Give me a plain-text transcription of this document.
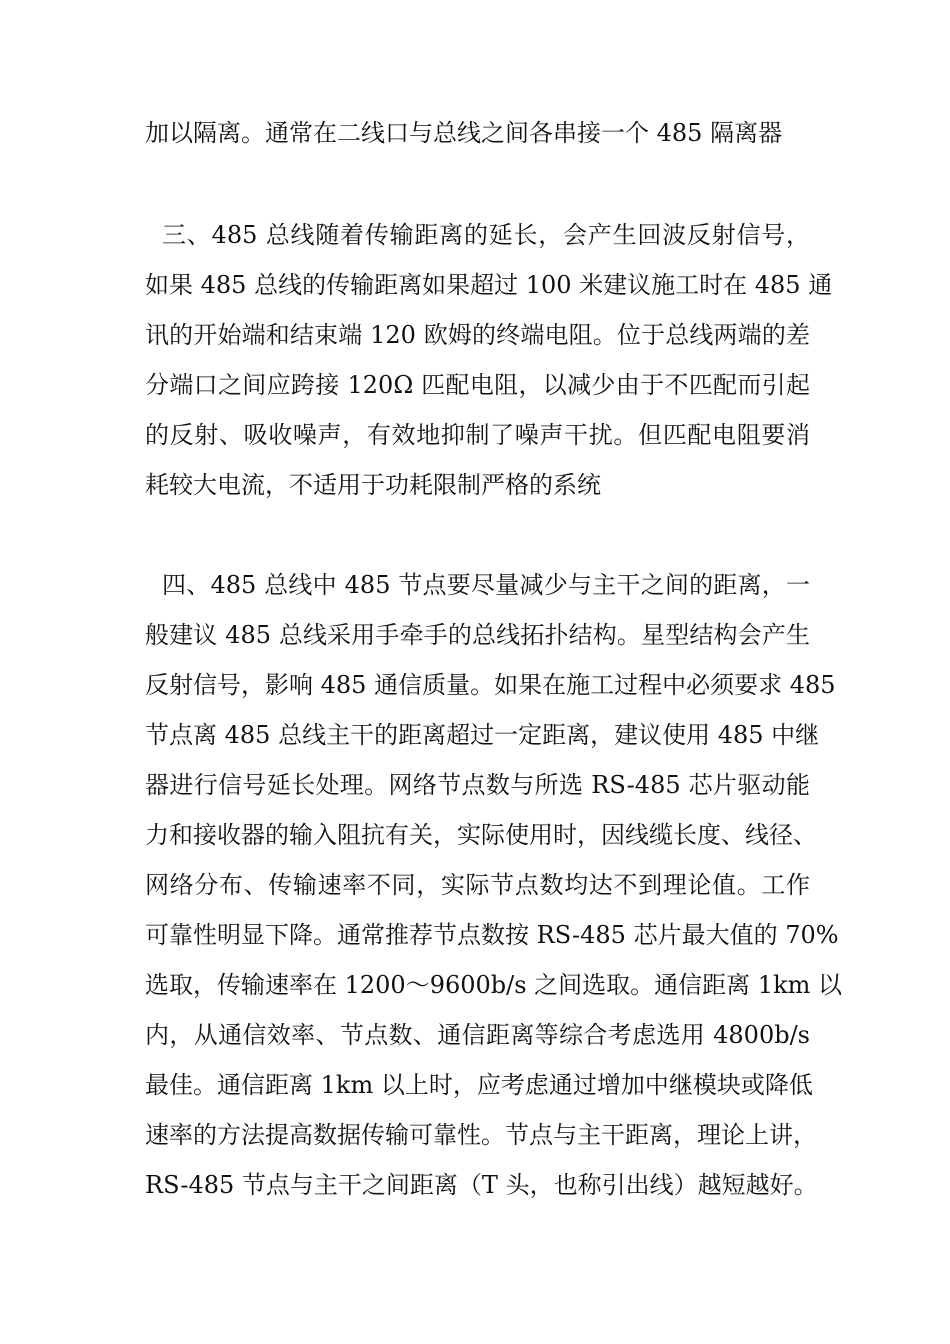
加以隔离。通常在二线口与总线之间各串接一个 485 隔离器
三、485 总线随着传输距离的延长，会产生回波反射信号，
如果 485 总线的传输距离如果超过 100 米建议施工时在 485 通
讯的开始端和结束端 120 欧姆的终端电阻。位于总线两端的差
分端口之间应跨接 120Ω 匹配电阻，以减少由于不匹配而引起
的反射、吸收噪声，有效地抑制了噪声干扰。但匹配电阻要消
耗较大电流，不适用于功耗限制严格的系统
四、485 总线中 485 节点要尽量减少与主干之间的距离，一
般建议 485 总线采用手牵手的总线拓扑结构。星型结构会产生
反射信号，影响 485 通信质量。如果在施工过程中必须要求 485
节点离 485 总线主干的距离超过一定距离，建议使用 485 中继
器进行信号延长处理。网络节点数与所选 RS-485 芯片驱动能
力和接收器的输入阻抗有关，实际使用时，因线缆长度、线径、
网络分布、传输速率不同，实际节点数均达不到理论值。工作
可靠性明显下降。通常推荐节点数按 RS-485 芯片最大值的 70%
选取，传输速率在 1200～9600b/s 之间选取。通信距离 1km 以
内，从通信效率、节点数、通信距离等综合考虑选用 4800b/s
最佳。通信距离 1km 以上时，应考虑通过增加中继模块或降低
速率的方法提高数据传输可靠性。节点与主干距离，理论上讲，
RS-485 节点与主干之间距离（T 头，也称引出线）越短越好。
